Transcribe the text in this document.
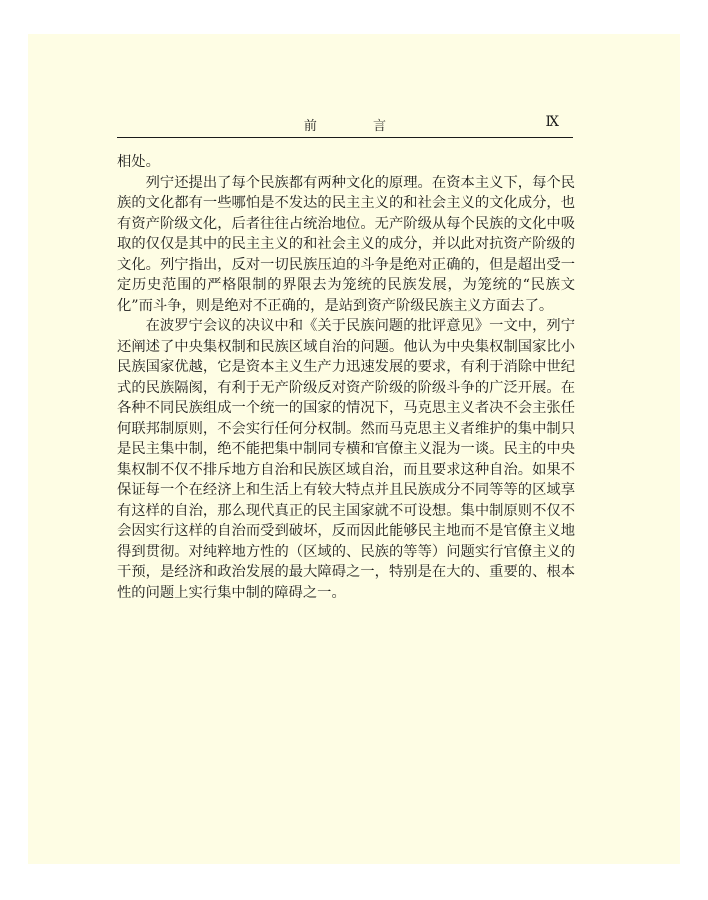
前 言	Ⅸ

相处。

列宁还提出了每个民族都有两种文化的原理。在资本主义下，每个民族的文化都有一些哪怕是不发达的民主主义的和社会主义的文化成分，也有资产阶级文化，后者往往占统治地位。无产阶级从每个民族的文化中吸取的仅仅是其中的民主主义的和社会主义的成分，并以此对抗资产阶级的文化。列宁指出，反对一切民族压迫的斗争是绝对正确的，但是超出受一定历史范围的严格限制的界限去为笼统的民族发展，为笼统的“民族文化”而斗争，则是绝对不正确的，是站到资产阶级民族主义方面去了。

在波罗宁会议的决议中和《关于民族问题的批评意见》一文中，列宁还阐述了中央集权制和民族区域自治的问题。他认为中央集权制国家比小民族国家优越，它是资本主义生产力迅速发展的要求，有利于消除中世纪式的民族隔阂，有利于无产阶级反对资产阶级的阶级斗争的广泛开展。在各种不同民族组成一个统一的国家的情况下，马克思主义者决不会主张任何联邦制原则，不会实行任何分权制。然而马克思主义者维护的集中制只是民主集中制，绝不能把集中制同专横和官僚主义混为一谈。民主的中央集权制不仅不排斥地方自治和民族区域自治，而且要求这种自治。如果不保证每一个在经济上和生活上有较大特点并且民族成分不同等等的区域享有这样的自治，那么现代真正的民主国家就不可设想。集中制原则不仅不会因实行这样的自治而受到破坏，反而因此能够民主地而不是官僚主义地得到贯彻。对纯粹地方性的（区域的、民族的等等）问题实行官僚主义的干预，是经济和政治发展的最大障碍之一，特别是在大的、重要的、根本性的问题上实行集中制的障碍之一。
